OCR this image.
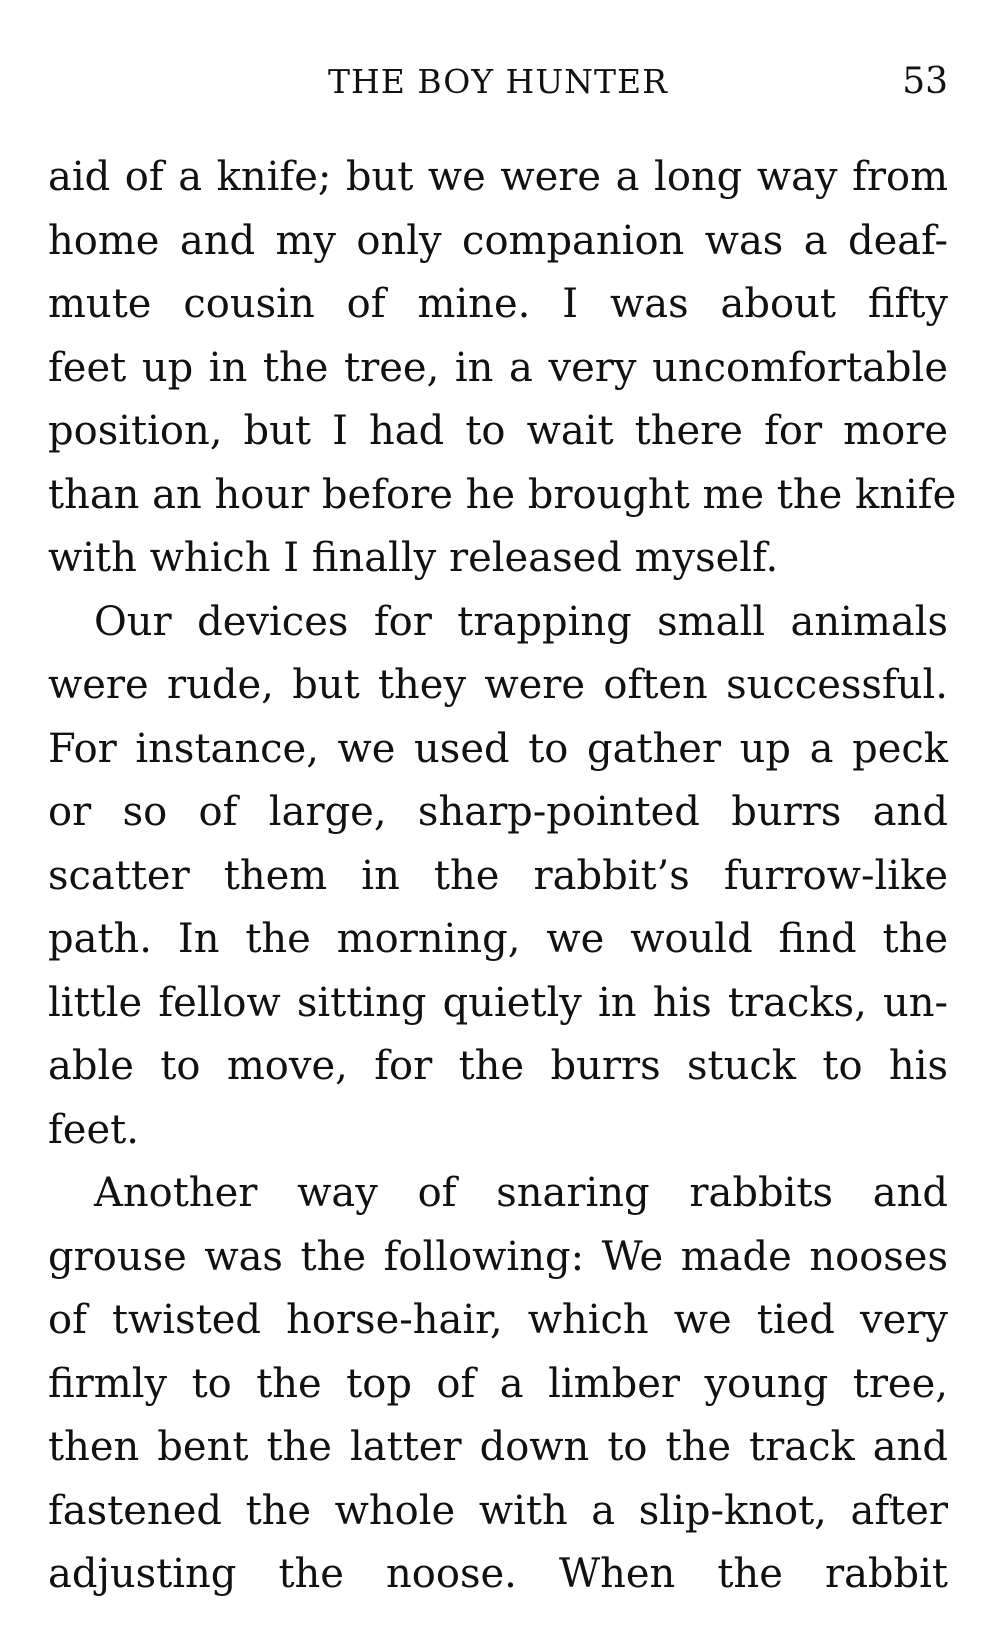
THE BOY HUNTER	53
aid of a knife; but we were a long way from
home and my only companion was a deaf-
mute cousin of mine. I was about fifty
feet up in the tree, in a very uncomfortable
position, but I had to wait there for more
than an hour before he brought me the knife
with which I finally released myself.
Our devices for trapping small animals
were rude, but they were often successful.
For instance, we used to gather up a peck
or so of large, sharp-pointed burrs and
scatter them in the rabbit’s furrow-like
path. In the morning, we would find the
little fellow sitting quietly in his tracks, un-
able to move, for the burrs stuck to his
feet.
Another way of snaring rabbits and
grouse was the following: We made nooses
of twisted horse-hair, which we tied very
firmly to the top of a limber young tree,
then bent the latter down to the track and
fastened the whole with a slip-knot, after
adjusting the noose. When the rabbit
